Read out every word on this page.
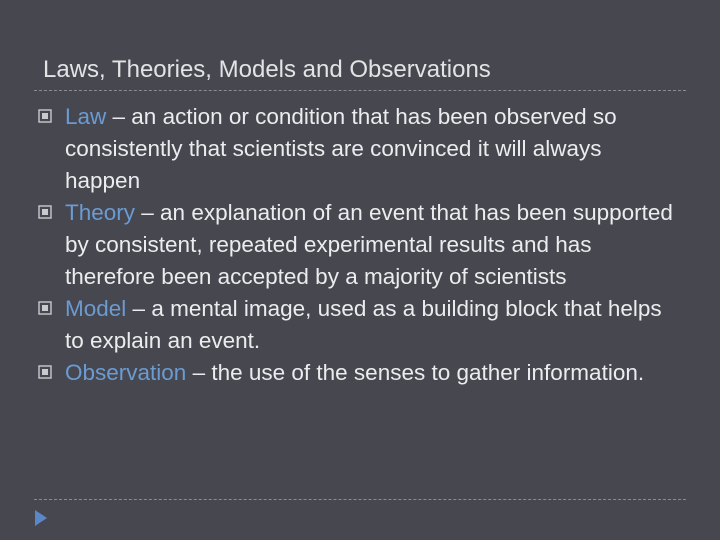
Laws, Theories, Models and Observations
Law – an action or condition that has been observed so consistently that scientists are convinced it will always happen
Theory – an explanation of an event that has been supported by consistent, repeated experimental results and has therefore been accepted by a majority of scientists
Model – a mental image, used as a building block that helps to explain an event.
Observation – the use of the senses to gather information.
